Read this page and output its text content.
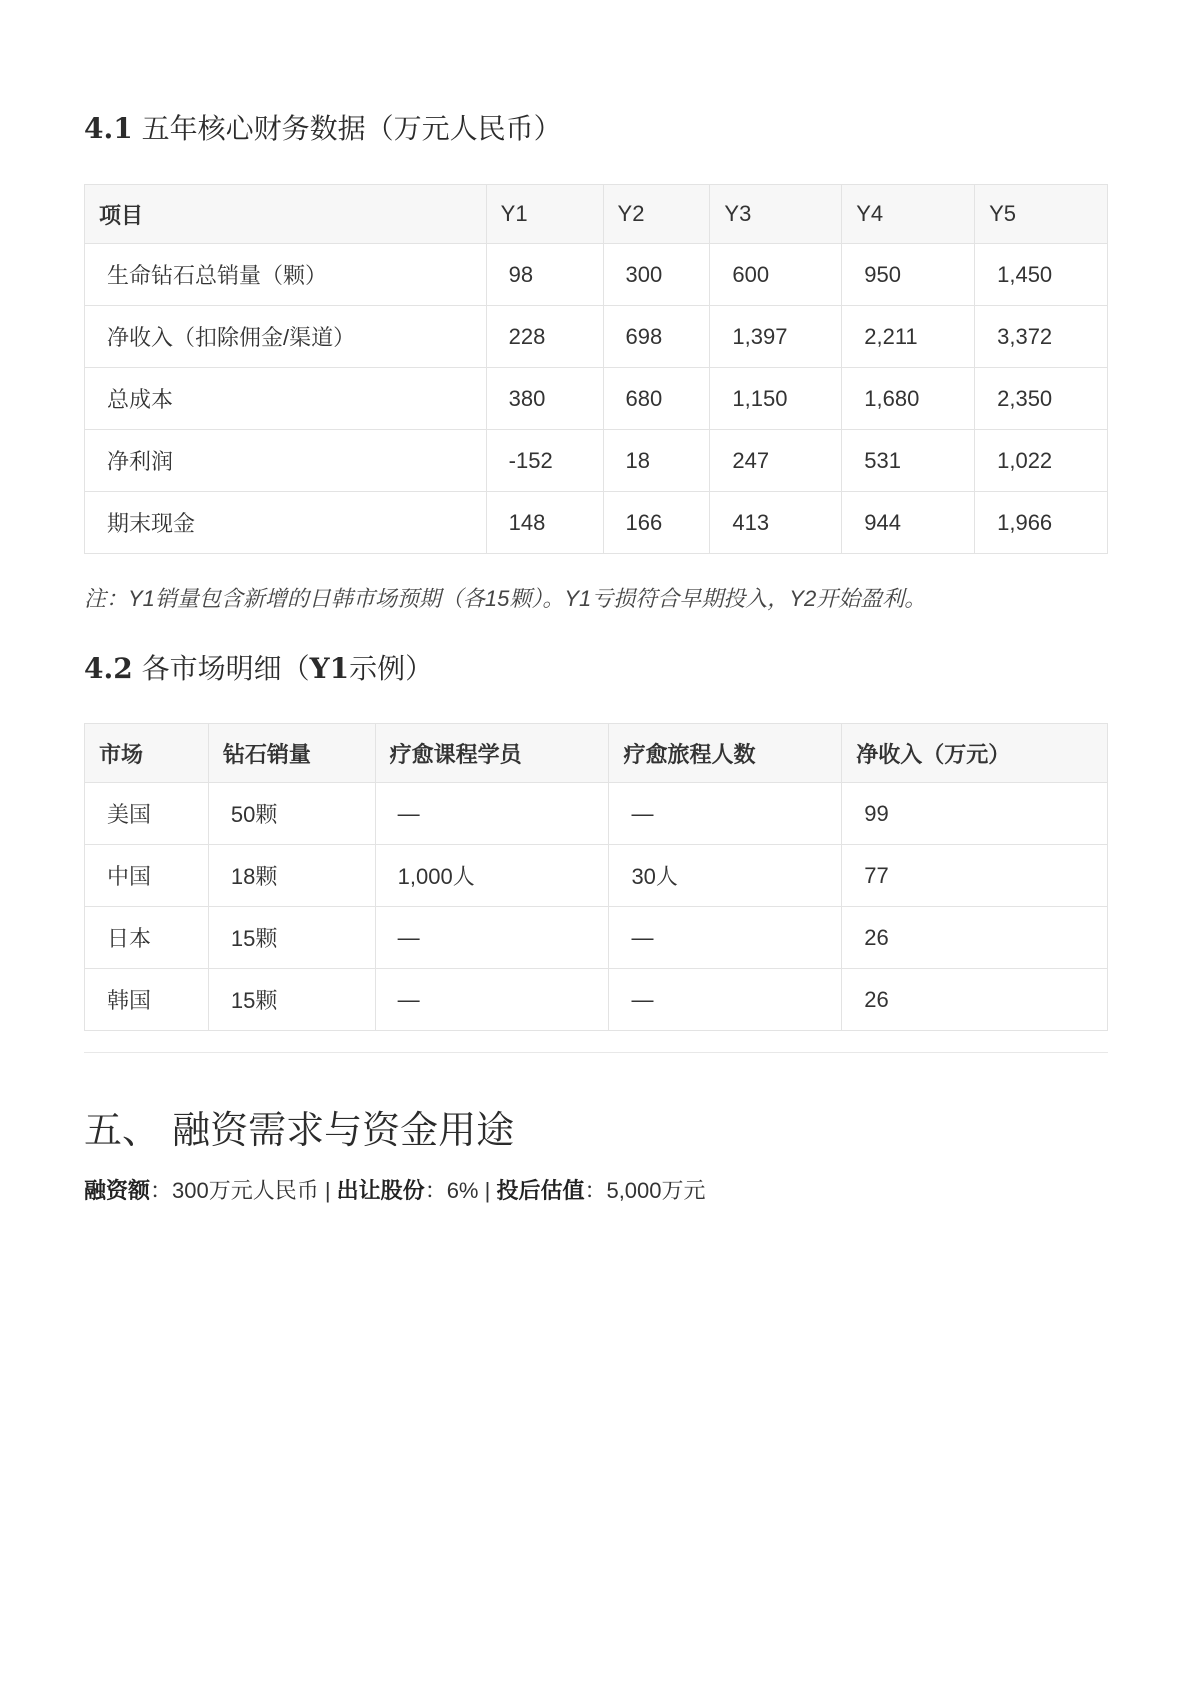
4.1 五年核心财务数据（万元人民币）
项目	Y1	Y2	Y3	Y4	Y5
生命钻石总销量（颗）	98	300	600	950	1,450
净收入（扣除佣金/渠道）	228	698	1,397	2,211	3,372
总成本	380	680	1,150	1,680	2,350
净利润	-152	18	247	531	1,022
期末现金	148	166	413	944	1,966
注：Y1销量包含新增的日韩市场预期（各15颗）。Y1亏损符合早期投入，Y2开始盈利。
4.2 各市场明细（Y1示例）
市场	钻石销量	疗愈课程学员	疗愈旅程人数	净收入（万元）
美国	50颗	—	—	99
中国	18颗	1,000人	30人	77
日本	15颗	—	—	26
韩国	15颗	—	—	26
五、 融资需求与资金用途
融资额：300万元人民币 | 出让股份：6% | 投后估值：5,000万元
